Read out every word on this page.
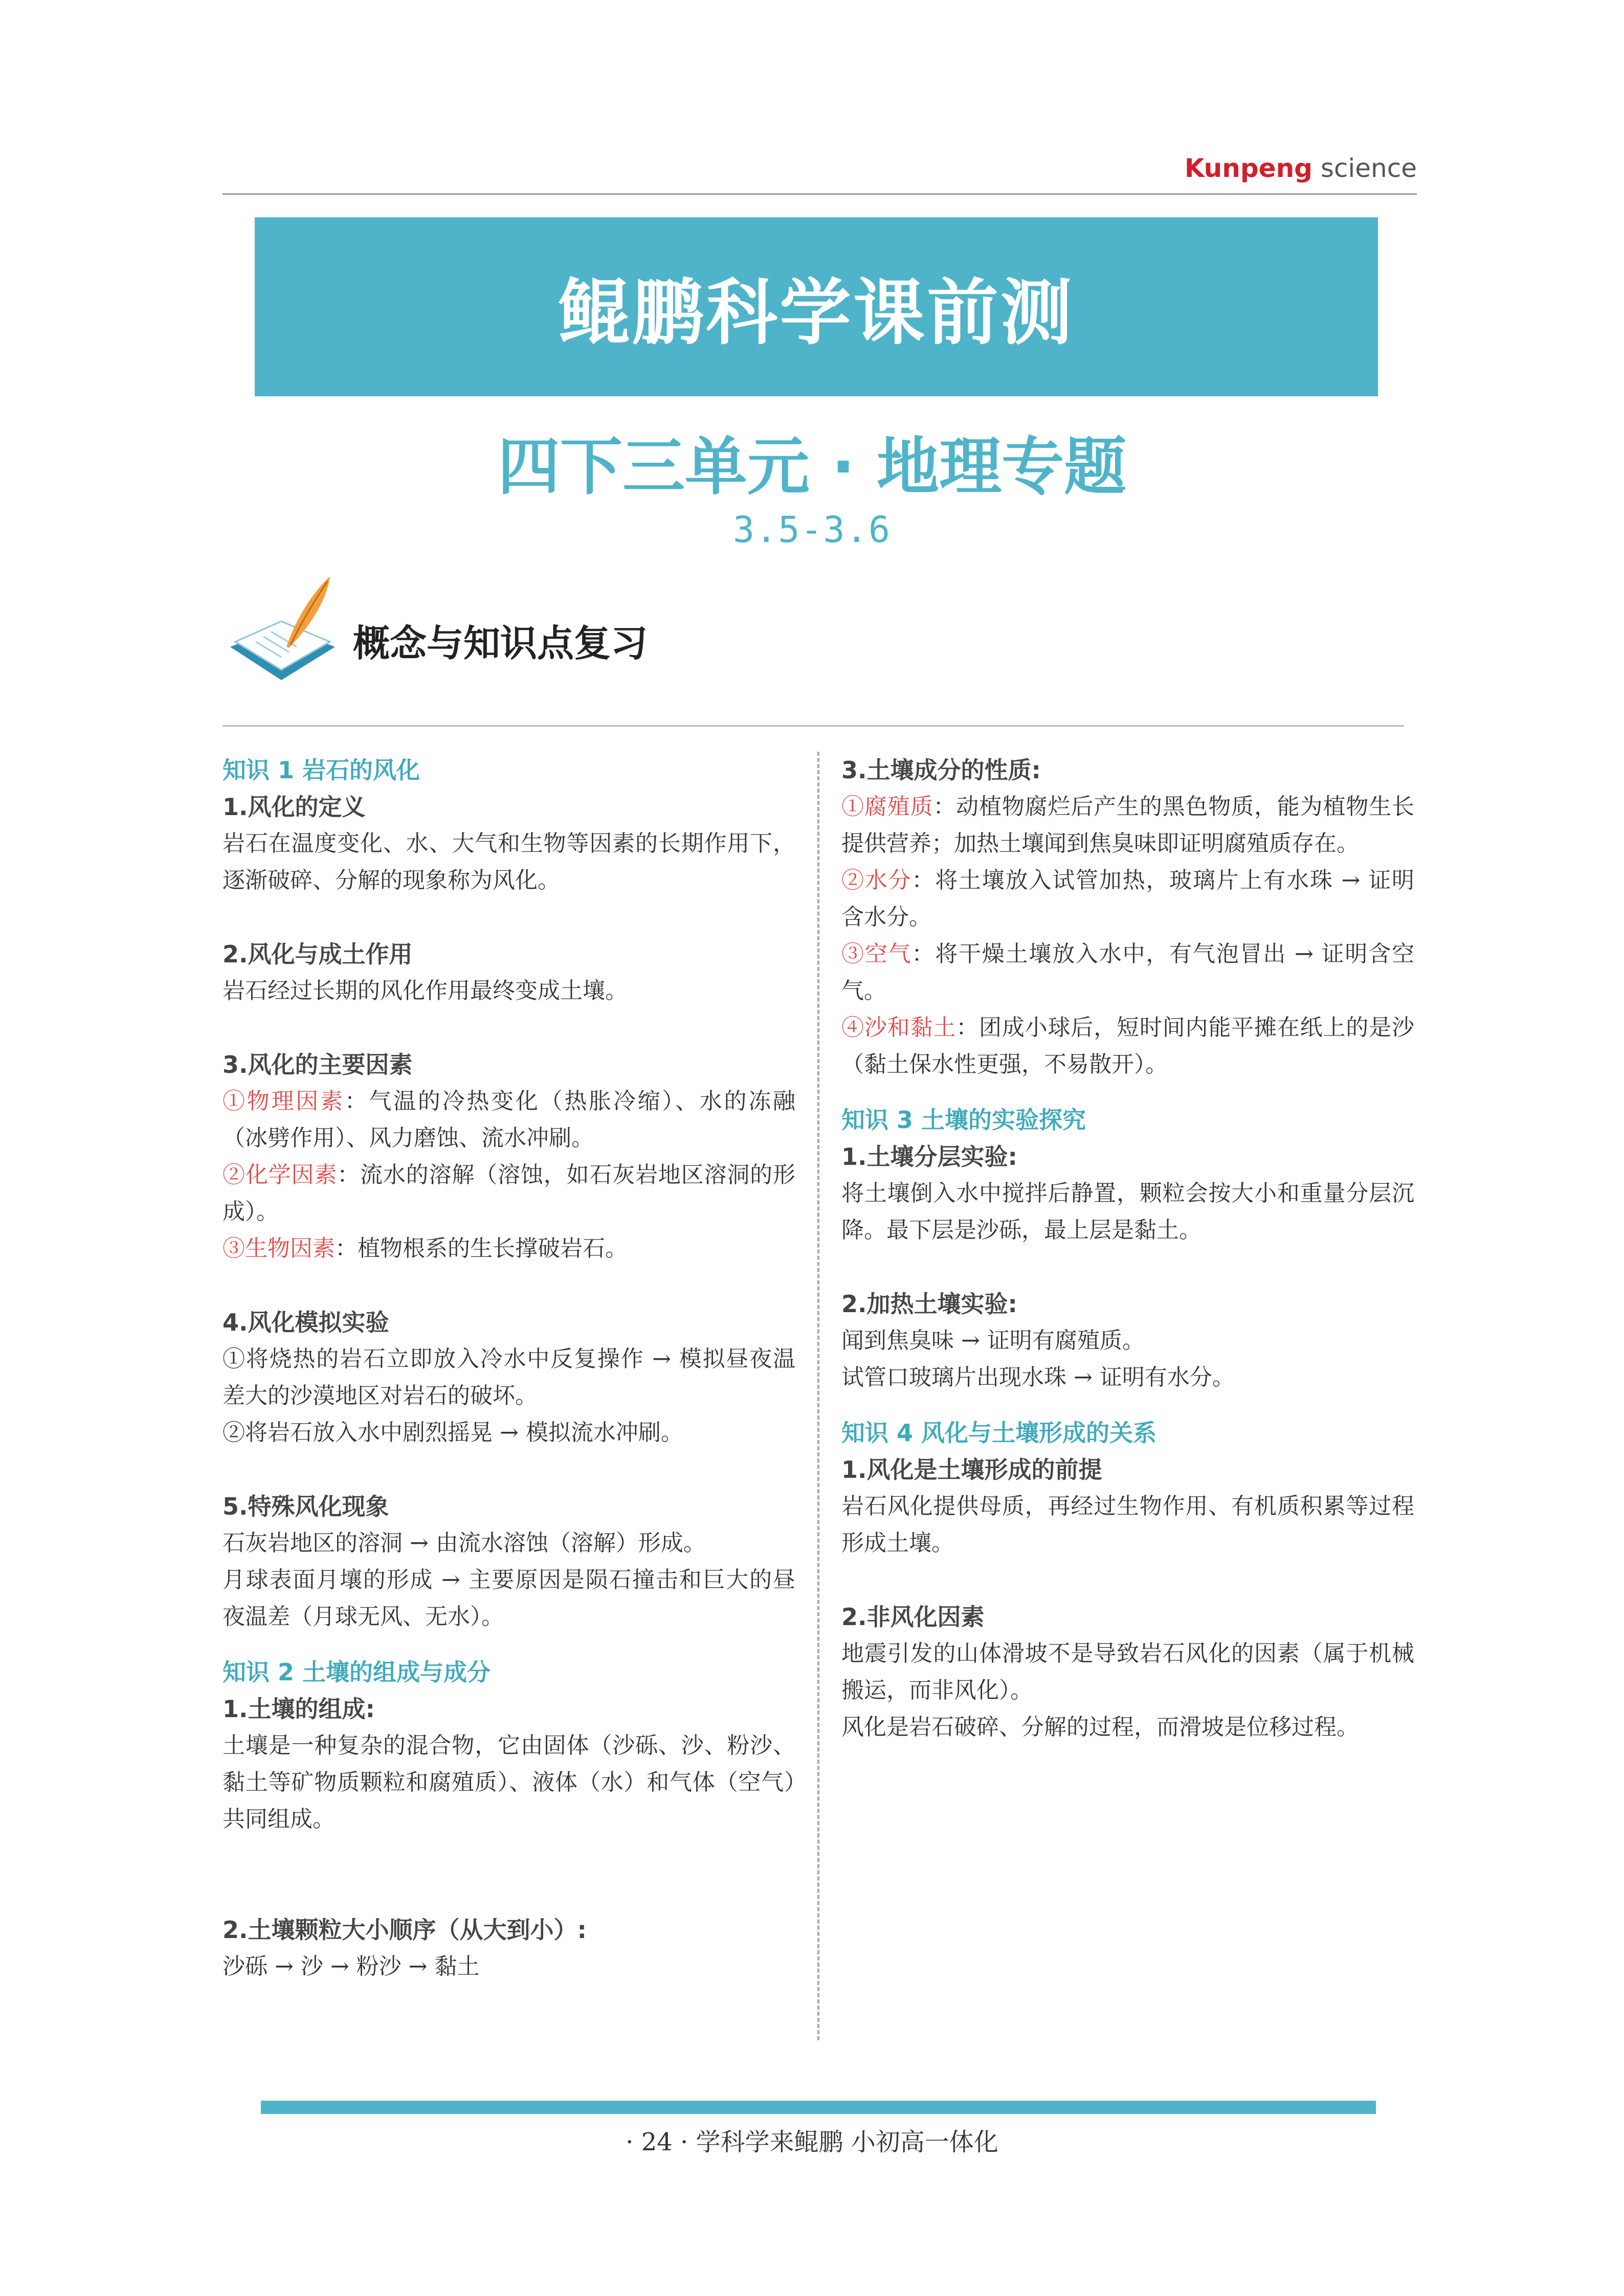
Kunpeng science
鲲鹏科学课前测
四下三单元 · 地理专题
3.5-3.6
概念与知识点复习
知识 1 岩石的风化
1.风化的定义
岩石在温度变化、水、大气和生物等因素的长期作用下，逐渐破碎、分解的现象称为风化。
2.风化与成土作用
岩石经过长期的风化作用最终变成土壤。
3.风化的主要因素
①物理因素：气温的冷热变化（热胀冷缩）、水的冻融（冰劈作用）、风力磨蚀、流水冲刷。
②化学因素：流水的溶解（溶蚀，如石灰岩地区溶洞的形成）。
③生物因素：植物根系的生长撑破岩石。
4.风化模拟实验
①将烧热的岩石立即放入冷水中反复操作 → 模拟昼夜温差大的沙漠地区对岩石的破坏。
②将岩石放入水中剧烈摇晃 → 模拟流水冲刷。
5.特殊风化现象
石灰岩地区的溶洞 → 由流水溶蚀（溶解）形成。
月球表面月壤的形成 → 主要原因是陨石撞击和巨大的昼夜温差（月球无风、无水）。
知识 2 土壤的组成与成分
1.土壤的组成:
土壤是一种复杂的混合物，它由固体（沙砾、沙、粉沙、黏土等矿物质颗粒和腐殖质）、液体（水）和气体（空气）共同组成。
2.土壤颗粒大小顺序（从大到小）:
沙砾 → 沙 → 粉沙 → 黏土
3.土壤成分的性质:
①腐殖质：动植物腐烂后产生的黑色物质，能为植物生长提供营养；加热土壤闻到焦臭味即证明腐殖质存在。
②水分：将土壤放入试管加热，玻璃片上有水珠 → 证明含水分。
③空气：将干燥土壤放入水中，有气泡冒出 → 证明含空气。
④沙和黏土：团成小球后，短时间内能平摊在纸上的是沙（黏土保水性更强，不易散开）。
知识 3 土壤的实验探究
1.土壤分层实验:
将土壤倒入水中搅拌后静置，颗粒会按大小和重量分层沉降。最下层是沙砾，最上层是黏土。
2.加热土壤实验:
闻到焦臭味 → 证明有腐殖质。
试管口玻璃片出现水珠 → 证明有水分。
知识 4 风化与土壤形成的关系
1.风化是土壤形成的前提
岩石风化提供母质，再经过生物作用、有机质积累等过程形成土壤。
2.非风化因素
地震引发的山体滑坡不是导致岩石风化的因素（属于机械搬运，而非风化）。
风化是岩石破碎、分解的过程，而滑坡是位移过程。
· 24 · 学科学来鲲鹏 小初高一体化
